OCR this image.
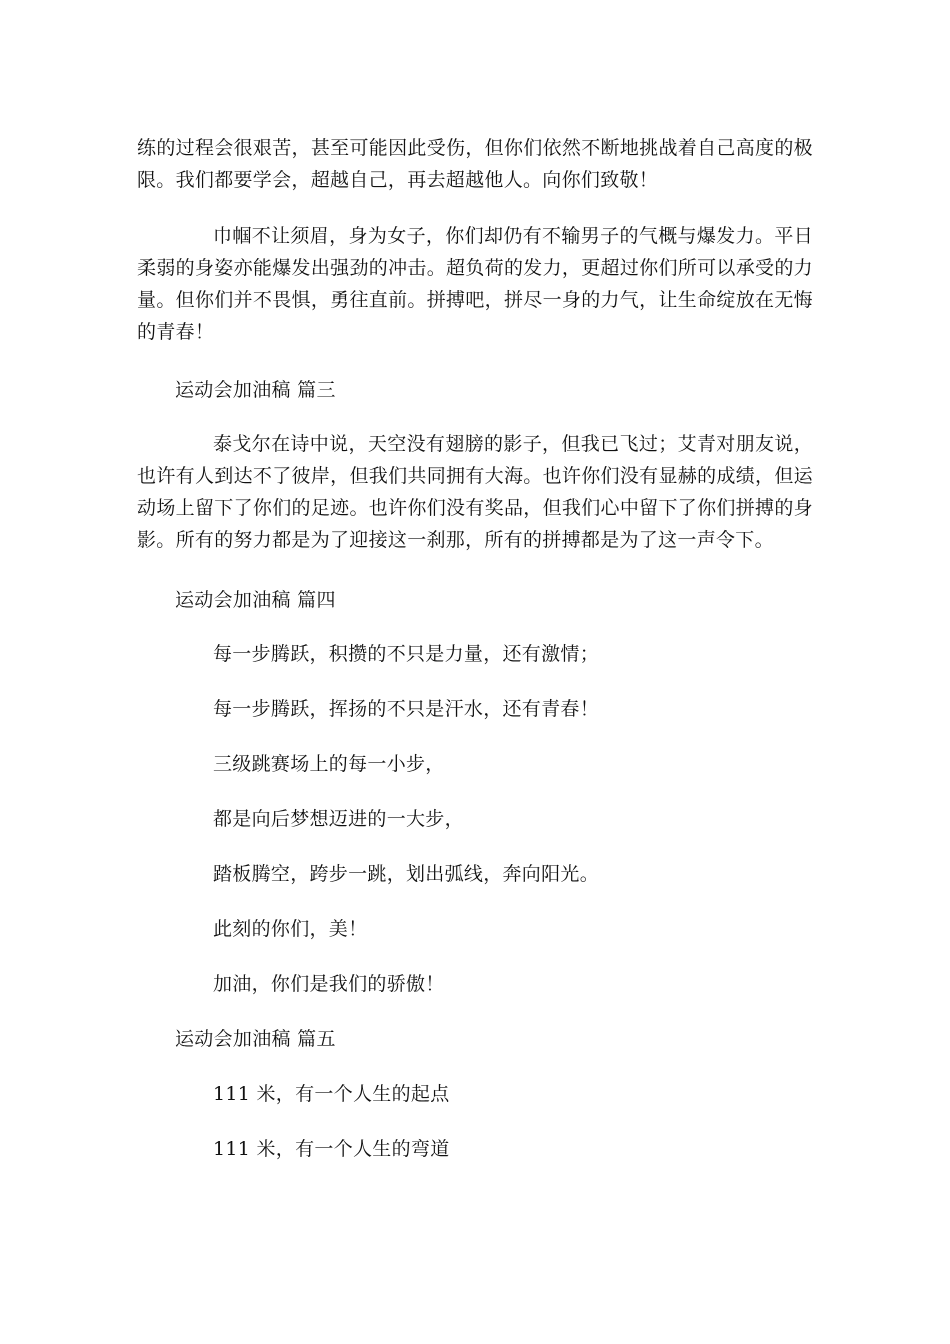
练的过程会很艰苦，甚至可能因此受伤，但你们依然不断地挑战着自己高度的极限。我们都要学会，超越自己，再去超越他人。向你们致敬！

巾帼不让须眉，身为女子，你们却仍有不输男子的气概与爆发力。平日柔弱的身姿亦能爆发出强劲的冲击。超负荷的发力，更超过你们所可以承受的力量。但你们并不畏惧，勇往直前。拼搏吧，拼尽一身的力气，让生命绽放在无悔的青春！

运动会加油稿 篇三

泰戈尔在诗中说，天空没有翅膀的影子，但我已飞过；艾青对朋友说，也许有人到达不了彼岸，但我们共同拥有大海。也许你们没有显赫的成绩，但运动场上留下了你们的足迹。也许你们没有奖品，但我们心中留下了你们拼搏的身影。所有的努力都是为了迎接这一刹那，所有的拼搏都是为了这一声令下。

运动会加油稿 篇四

每一步腾跃，积攒的不只是力量，还有激情；

每一步腾跃，挥扬的不只是汗水，还有青春！

三级跳赛场上的每一小步，

都是向后梦想迈进的一大步，

踏板腾空，跨步一跳，划出弧线，奔向阳光。

此刻的你们，美！

加油，你们是我们的骄傲！

运动会加油稿 篇五

111 米，有一个人生的起点

111 米，有一个人生的弯道
